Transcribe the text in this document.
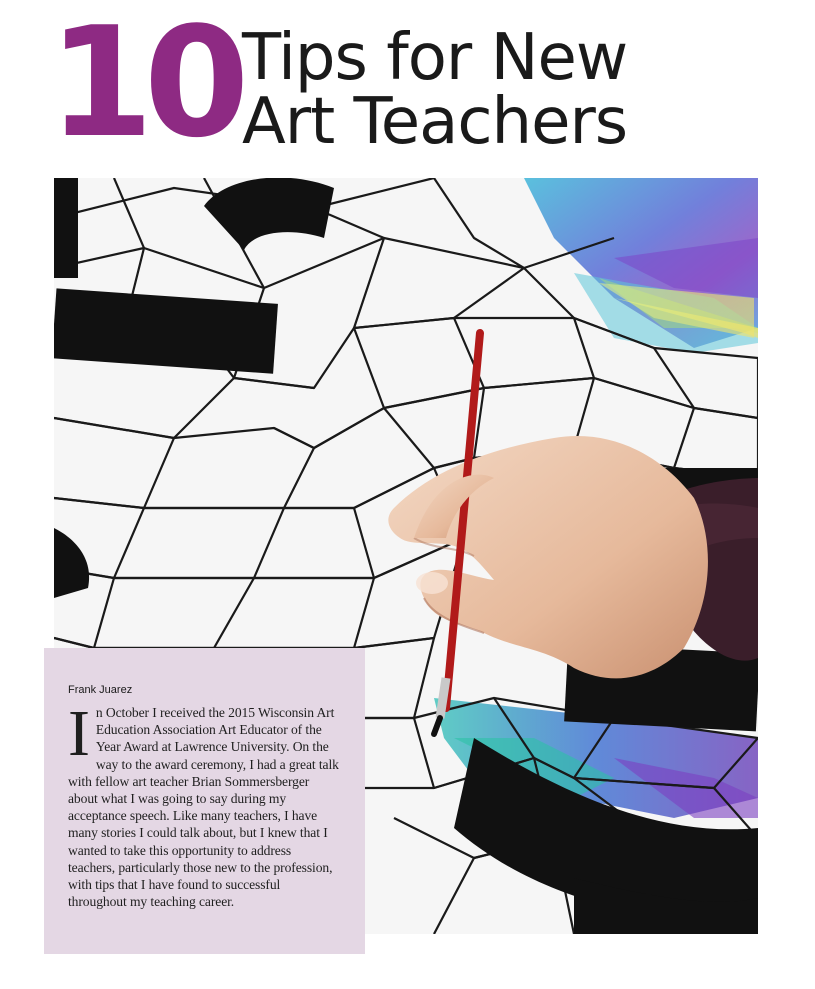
10 Tips for New
Art Teachers

Frank Juarez

In October I received the 2015 Wisconsin Art Education Association Art Educator of the Year Award at Lawrence University. On the way to the award ceremony, I had a great talk with fellow art teacher Brian Sommersberger about what I was going to say during my acceptance speech. Like many teachers, I have many stories I could talk about, but I knew that I wanted to take this opportunity to address teachers, particularly those new to the profession, with tips that I have found to successful throughout my teaching career.
